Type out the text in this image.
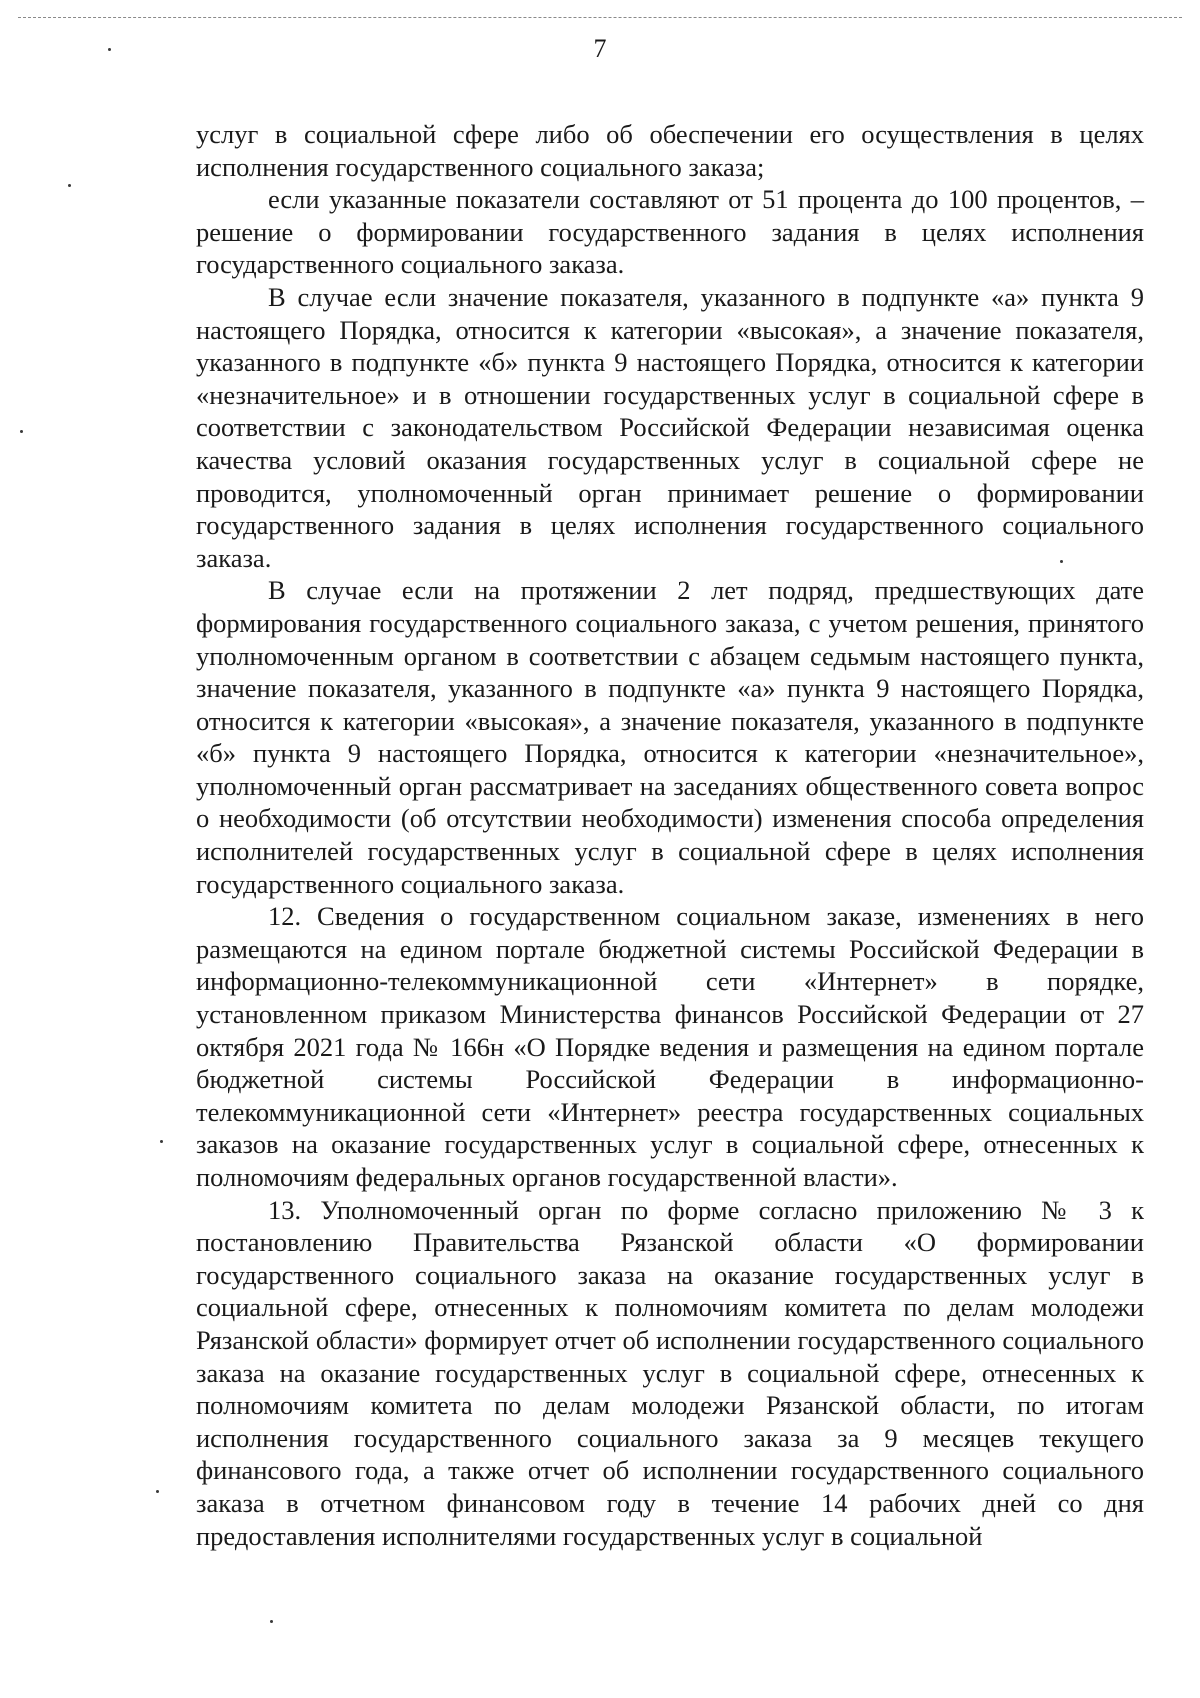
7

услуг в социальной сфере либо об обеспечении его осуществления в целях исполнения государственного социального заказа;

если указанные показатели составляют от 51 процента до 100 процентов, – решение о формировании государственного задания в целях исполнения государственного социального заказа.

В случае если значение показателя, указанного в подпункте «а» пункта 9 настоящего Порядка, относится к категории «высокая», а значение показателя, указанного в подпункте «б» пункта 9 настоящего Порядка, относится к категории «незначительное» и в отношении государственных услуг в социальной сфере в соответствии с законодательством Российской Федерации независимая оценка качества условий оказания государственных услуг в социальной сфере не проводится, уполномоченный орган принимает решение о формировании государственного задания в целях исполнения государственного социального заказа.

В случае если на протяжении 2 лет подряд, предшествующих дате формирования государственного социального заказа, с учетом решения, принятого уполномоченным органом в соответствии с абзацем седьмым настоящего пункта, значение показателя, указанного в подпункте «а» пункта 9 настоящего Порядка, относится к категории «высокая», а значение показателя, указанного в подпункте «б» пункта 9 настоящего Порядка, относится к категории «незначительное», уполномоченный орган рассматривает на заседаниях общественного совета вопрос о необходимости (об отсутствии необходимости) изменения способа определения исполнителей государственных услуг в социальной сфере в целях исполнения государственного социального заказа.

12. Сведения о государственном социальном заказе, изменениях в него размещаются на едином портале бюджетной системы Российской Федерации в информационно-телекоммуникационной сети «Интернет» в порядке, установленном приказом Министерства финансов Российской Федерации от 27 октября 2021 года № 166н «О Порядке ведения и размещения на едином портале бюджетной системы Российской Федерации в информационно-телекоммуникационной сети «Интернет» реестра государственных социальных заказов на оказание государственных услуг в социальной сфере, отнесенных к полномочиям федеральных органов государственной власти».

13. Уполномоченный орган по форме согласно приложению № 3 к постановлению Правительства Рязанской области «О формировании государственного социального заказа на оказание государственных услуг в социальной сфере, отнесенных к полномочиям комитета по делам молодежи Рязанской области» формирует отчет об исполнении государственного социального заказа на оказание государственных услуг в социальной сфере, отнесенных к полномочиям комитета по делам молодежи Рязанской области, по итогам исполнения государственного социального заказа за 9 месяцев текущего финансового года, а также отчет об исполнении государственного социального заказа в отчетном финансовом году в течение 14 рабочих дней со дня предоставления исполнителями государственных услуг в социальной
